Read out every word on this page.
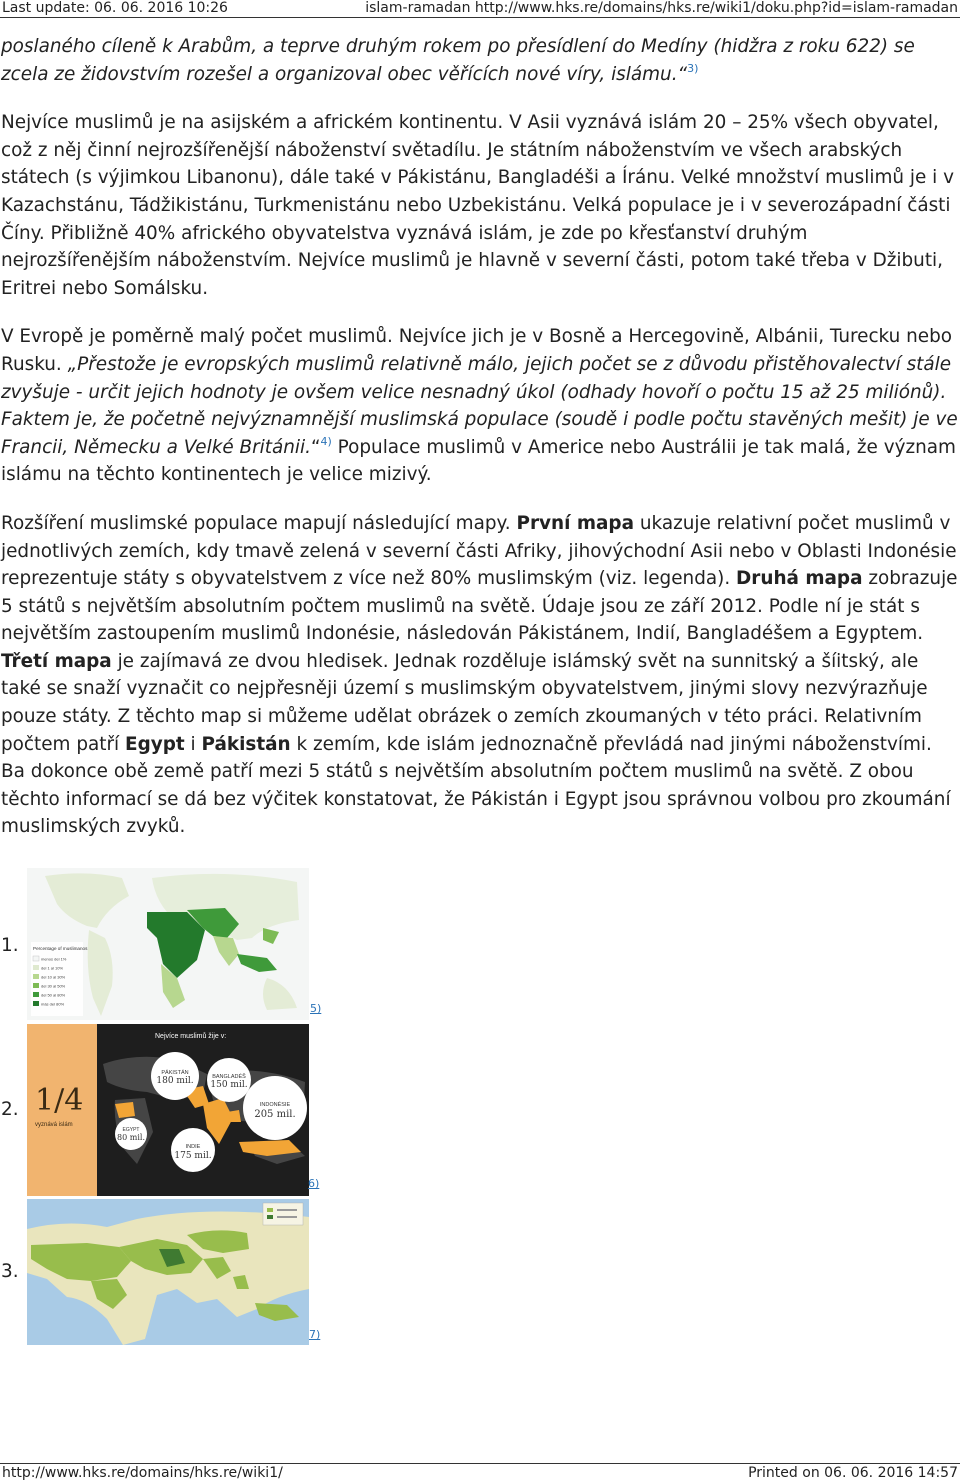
Last update: 06. 06. 2016 10:26	islam-ramadan http://www.hks.re/domains/hks.re/wiki1/doku.php?id=islam-ramadan

poslaného cíleně k Arabům, a teprve druhým rokem po přesídlení do Medíny (hidžra z roku 622) se zcela ze židovstvím rozešel a organizoval obec věřících nové víry, islámu.“$^{3)}$

Nejvíce muslimů je na asijském a africkém kontinentu. V Asii vyznává islám 20 – 25% všech obyvatel, což z něj činní nejrozšířenější náboženství světadílu. Je státním náboženstvím ve všech arabských státech (s výjimkou Libanonu), dále také v Pákistánu, Bangladéši a Íránu. Velké množství muslimů je i v Kazachstánu, Tádžikistánu, Turkmenistánu nebo Uzbekistánu. Velká populace je i v severozápadní části Číny. Přibližně 40% afrického obyvatelstva vyznává islám, je zde po křesťanství druhým nejrozšířenějším náboženstvím. Nejvíce muslimů je hlavně v severní části, potom také třeba v Džibuti, Eritrei nebo Somálsku.

V Evropě je poměrně malý počet muslimů. Nejvíce jich je v Bosně a Hercegovině, Albánii, Turecku nebo Rusku. „Přestože je evropských muslimů relativně málo, jejich počet se z důvodu přistěhovalectví stále zvyšuje - určit jejich hodnoty je ovšem velice nesnadný úkol (odhady hovoří o počtu 15 až 25 miliónů). Faktem je, že početně nejvýznamnější muslimská populace (soudě i podle počtu stavěných mešit) je ve Francii, Německu a Velké Británii.“$^{4)}$ Populace muslimů v Americe nebo Austrálii je tak malá, že význam islámu na těchto kontinentech je velice mizivý.

Rozšíření muslimské populace mapují následující mapy. První mapa ukazuje relativní počet muslimů v jednotlivých zemích, kdy tmavě zelená v severní části Afriky, jihovýchodní Asii nebo v Oblasti Indonésie reprezentuje státy s obyvatelstvem z více než 80% muslimským (viz. legenda). Druhá mapa zobrazuje 5 států s největším absolutním počtem muslimů na světě. Údaje jsou ze září 2012. Podle ní je stát s největším zastoupením muslimů Indonésie, následován Pákistánem, Indií, Bangladéšem a Egyptem. Třetí mapa je zajímavá ze dvou hledisek. Jednak rozděluje islámský svět na sunnitský a šíitský, ale také se snaží vyznačit co nejpřesněji území s muslimským obyvatelstvem, jinými slovy nezvýrazňuje pouze státy. Z těchto map si můžeme udělat obrázek o zemích zkoumaných v této práci. Relativním počtem patří Egypt i Pákistán k zemím, kde islám jednoznačně převládá nad jinými náboženstvími. Ba dokonce obě země patří mezi 5 států s největším absolutním počtem muslimů na světě. Z obou těchto informací se dá bez výčitek konstatovat, že Pákistán i Egypt jsou správnou volbou pro zkoumání muslimských zvyků.

1.	Percentage of muslimanos
menos del 1%
del 1 al 10%
del 10 al 30%
del 30 al 50%
del 50 al 80%
más del 80%	5)
2. 1/4
vyznává islám
Nejvíce muslimů žije v:
PÁKISTÁN
180 mil.	BANGLADÉŠ
150 mil.
INDONÉSIE
205 mil.
EGYPT
80 mil.
INDIE
175 mil.
6)
3.
7)
http://www.hks.re/domains/hks.re/wiki1/	Printed on 06. 06. 2016 14:57
